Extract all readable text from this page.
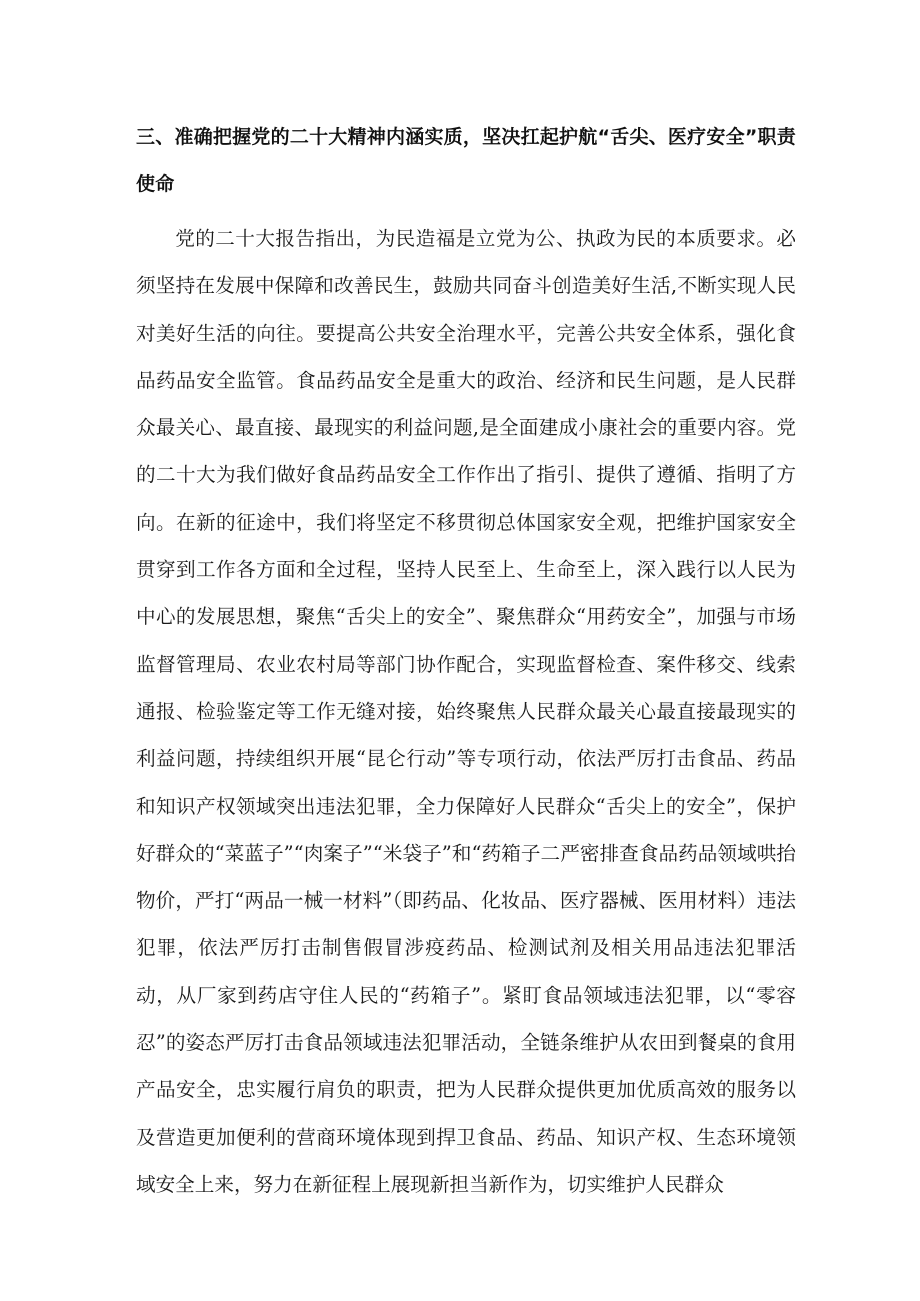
三、准确把握党的二十大精神内涵实质，坚决扛起护航“舌尖、医疗安全”职责使命

党的二十大报告指出，为民造福是立党为公、执政为民的本质要求。必须坚持在发展中保障和改善民生，鼓励共同奋斗创造美好生活,不断实现人民对美好生活的向往。要提高公共安全治理水平，完善公共安全体系，强化食品药品安全监管。食品药品安全是重大的政治、经济和民生问题，是人民群众最关心、最直接、最现实的利益问题,是全面建成小康社会的重要内容。党的二十大为我们做好食品药品安全工作作出了指引、提供了遵循、指明了方向。在新的征途中，我们将坚定不移贯彻总体国家安全观，把维护国家安全贯穿到工作各方面和全过程，坚持人民至上、生命至上，深入践行以人民为中心的发展思想，聚焦“舌尖上的安全”、聚焦群众“用药安全”，加强与市场监督管理局、农业农村局等部门协作配合，实现监督检查、案件移交、线索通报、检验鉴定等工作无缝对接，始终聚焦人民群众最关心最直接最现实的利益问题，持续组织开展“昆仑行动”等专项行动，依法严厉打击食品、药品和知识产权领域突出违法犯罪，全力保障好人民群众“舌尖上的安全”，保护好群众的“菜蓝子”“肉案子”“米袋子”和“药箱子二严密排查食品药品领域哄抬物价，严打“两品一械一材料”（即药品、化妆品、医疗器械、医用材料）违法犯罪，依法严厉打击制售假冒涉疫药品、检测试剂及相关用品违法犯罪活动，从厂家到药店守住人民的“药箱子”。紧盯食品领域违法犯罪，以“零容忍”的姿态严厉打击食品领域违法犯罪活动，全链条维护从农田到餐桌的食用产品安全，忠实履行肩负的职责，把为人民群众提供更加优质高效的服务以及营造更加便利的营商环境体现到捍卫食品、药品、知识产权、生态环境领域安全上来，努力在新征程上展现新担当新作为，切实维护人民群众
